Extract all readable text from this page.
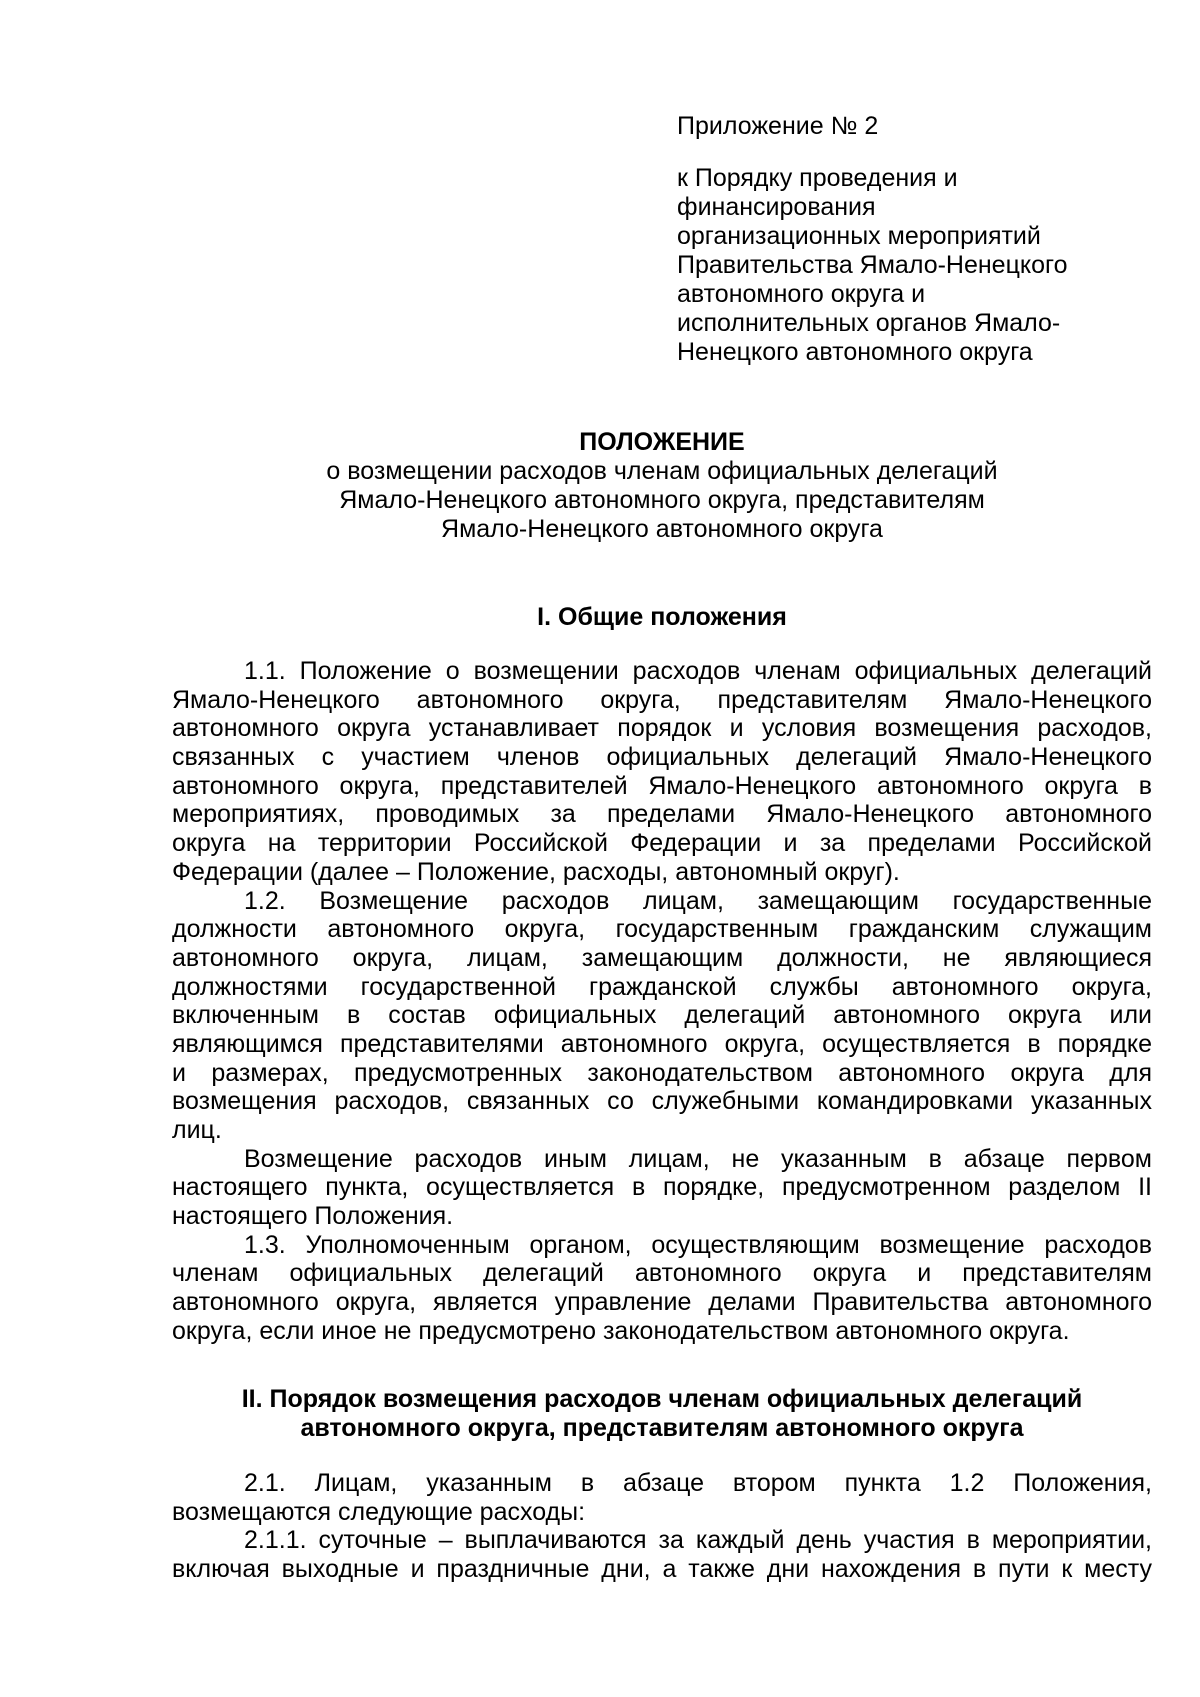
Приложение № 2
к Порядку проведения и
финансирования
организационных мероприятий
Правительства Ямало-Ненецкого
автономного округа и
исполнительных органов Ямало-
Ненецкого автономного округа
ПОЛОЖЕНИЕ
о возмещении расходов членам официальных делегаций
Ямало-Ненецкого автономного округа, представителям
Ямало-Ненецкого автономного округа
I. Общие положения
1.1. Положение о возмещении расходов членам официальных делегаций
Ямало-Ненецкого автономного округа, представителям Ямало-Ненецкого
автономного округа устанавливает порядок и условия возмещения расходов,
связанных с участием членов официальных делегаций Ямало-Ненецкого
автономного округа, представителей Ямало-Ненецкого автономного округа в
мероприятиях, проводимых за пределами Ямало-Ненецкого автономного
округа на территории Российской Федерации и за пределами Российской
Федерации (далее – Положение, расходы, автономный округ).
1.2. Возмещение расходов лицам, замещающим государственные
должности автономного округа, государственным гражданским служащим
автономного округа, лицам, замещающим должности, не являющиеся
должностями государственной гражданской службы автономного округа,
включенным в состав официальных делегаций автономного округа или
являющимся представителями автономного округа, осуществляется в порядке
и размерах, предусмотренных законодательством автономного округа для
возмещения расходов, связанных со служебными командировками указанных
лиц.
Возмещение расходов иным лицам, не указанным в абзаце первом
настоящего пункта, осуществляется в порядке, предусмотренном разделом II
настоящего Положения.
1.3. Уполномоченным органом, осуществляющим возмещение расходов
членам официальных делегаций автономного округа и представителям
автономного округа, является управление делами Правительства автономного
округа, если иное не предусмотрено законодательством автономного округа.
II. Порядок возмещения расходов членам официальных делегаций
автономного округа, представителям автономного округа
2.1. Лицам, указанным в абзаце втором пункта 1.2 Положения,
возмещаются следующие расходы:
2.1.1. суточные – выплачиваются за каждый день участия в мероприятии,
включая выходные и праздничные дни, а также дни нахождения в пути к месту
